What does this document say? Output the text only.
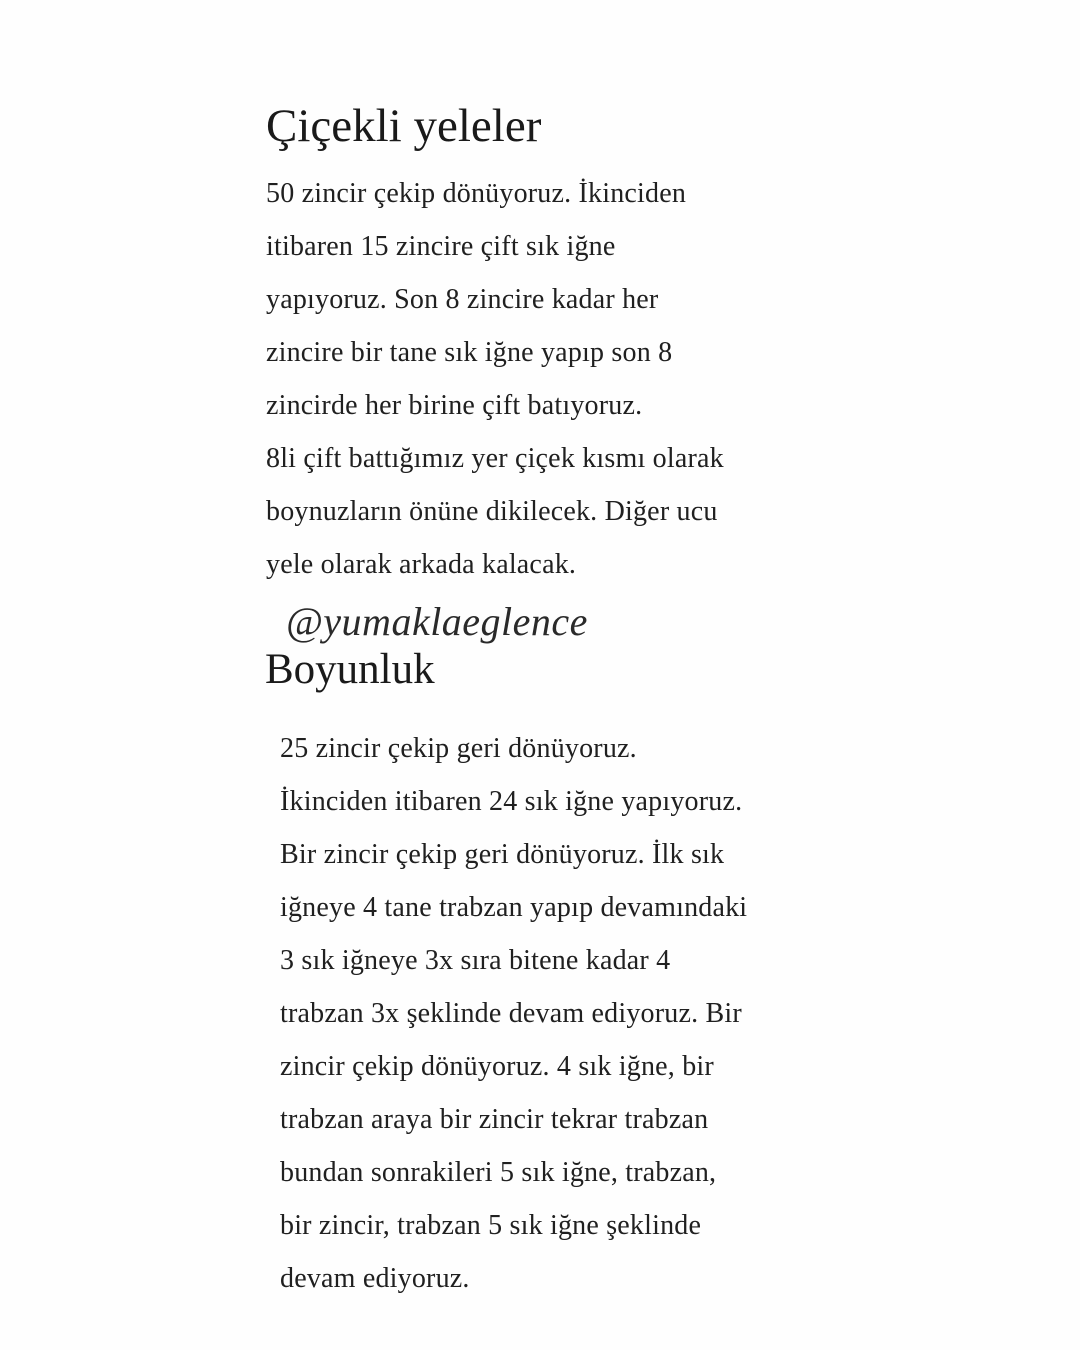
Çiçekli yeleler
50 zincir çekip dönüyoruz. İkinciden
itibaren 15 zincire çift sık iğne
yapıyoruz. Son 8 zincire kadar her
zincire bir tane sık iğne yapıp son 8
zincirde her birine çift batıyoruz.
8li çift battığımız yer çiçek kısmı olarak
boynuzların önüne dikilecek. Diğer ucu
yele olarak arkada kalacak.
@yumaklaeglence
Boyunluk
25 zincir çekip geri dönüyoruz.
İkinciden itibaren 24 sık iğne yapıyoruz.
Bir zincir çekip geri dönüyoruz. İlk sık
iğneye 4 tane trabzan yapıp devamındaki
3 sık iğneye 3x sıra bitene kadar 4
trabzan 3x şeklinde devam ediyoruz. Bir
zincir çekip dönüyoruz. 4 sık iğne, bir
trabzan araya bir zincir tekrar trabzan
bundan sonrakileri 5 sık iğne, trabzan,
bir zincir, trabzan 5 sık iğne şeklinde
devam ediyoruz.
